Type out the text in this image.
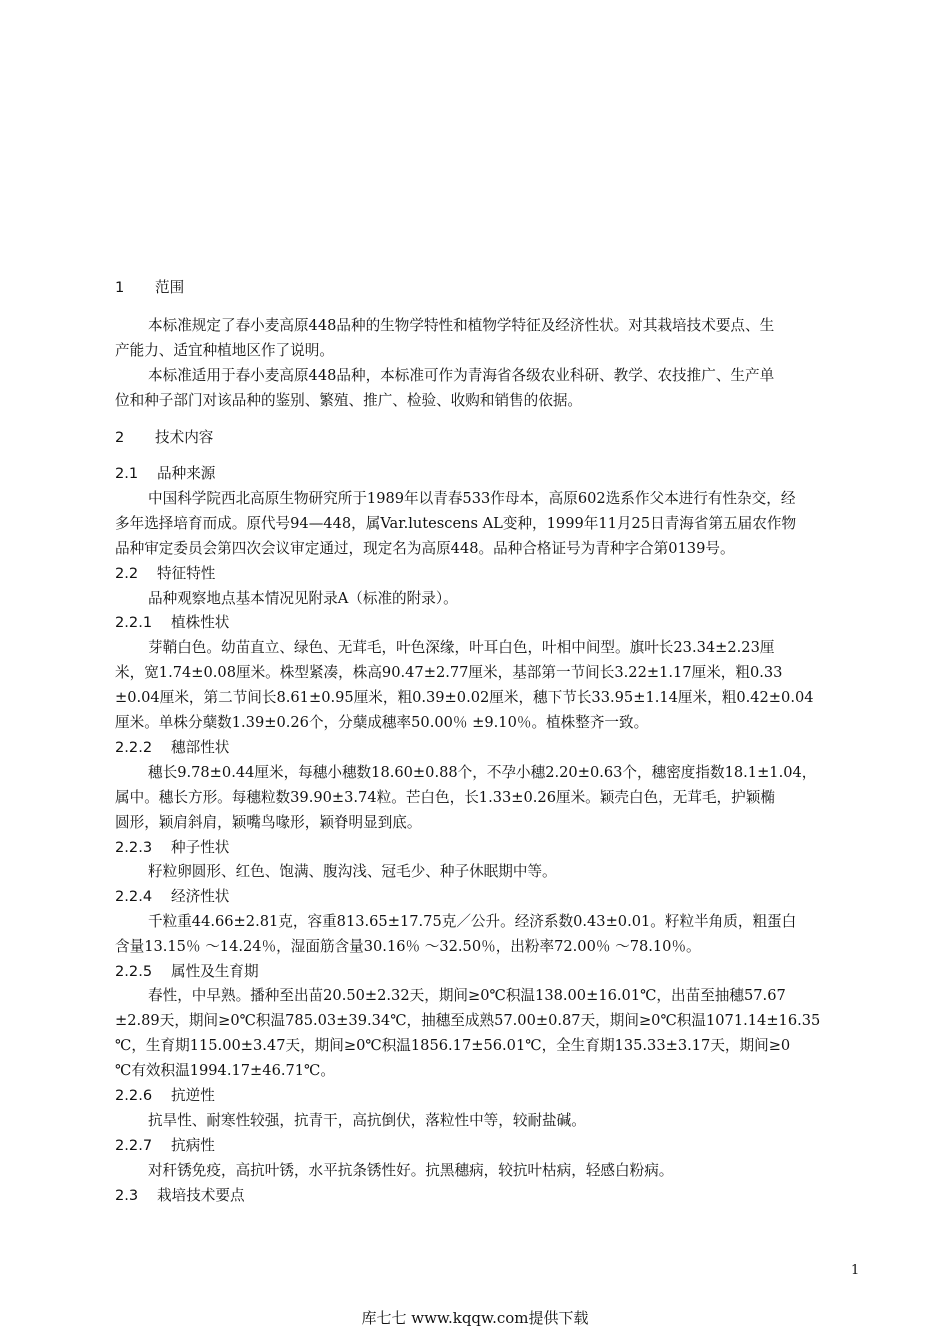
1 范围
本标准规定了春小麦高原448品种的生物学特性和植物学特征及经济性状。对其栽培技术要点、生
产能力、适宜种植地区作了说明。
本标准适用于春小麦高原448品种，本标准可作为青海省各级农业科研、教学、农技推广、生产单
位和种子部门对该品种的鉴别、繁殖、推广、检验、收购和销售的依据。
2 技术内容
2.1 品种来源
中国科学院西北高原生物研究所于1989年以青春533作母本，高原602选系作父本进行有性杂交，经
多年选择培育而成。原代号94—448，属Var.lutescens AL变种，1999年11月25日青海省第五届农作物
品种审定委员会第四次会议审定通过，现定名为高原448。品种合格证号为青种字合第0139号。
2.2 特征特性
品种观察地点基本情况见附录A（标准的附录）。
2.2.1 植株性状
芽鞘白色。幼苗直立、绿色、无茸毛，叶色深缘，叶耳白色，叶相中间型。旗叶长23.34±2.23厘
米，宽1.74±0.08厘米。株型紧凑，株高90.47±2.77厘米，基部第一节间长3.22±1.17厘米，粗0.33
±0.04厘米，第二节间长8.61±0.95厘米，粗0.39±0.02厘米，穗下节长33.95±1.14厘米，粗0.42±0.04
厘米。单株分蘖数1.39±0.26个，分蘖成穗率50.00％ ±9.10％。植株整齐一致。
2.2.2 穗部性状
穗长9.78±0.44厘米，每穗小穗数18.60±0.88个，不孕小穗2.20±0.63个，穗密度指数18.1±1.04，
属中。穗长方形。每穗粒数39.90±3.74粒。芒白色，长1.33±0.26厘米。颖壳白色，无茸毛，护颖椭
圆形，颖肩斜肩，颖嘴鸟喙形，颖脊明显到底。
2.2.3 种子性状
籽粒卵圆形、红色、饱满、腹沟浅、冠毛少、种子休眠期中等。
2.2.4 经济性状
千粒重44.66±2.81克，容重813.65±17.75克／公升。经济系数0.43±0.01。籽粒半角质，粗蛋白
含量13.15％ ～14.24％，湿面筋含量30.16％ ～32.50％，出粉率72.00％ ～78.10％。
2.2.5 属性及生育期
春性，中早熟。播种至出苗20.50±2.32天，期间≥0℃积温138.00±16.01℃，出苗至抽穗57.67
±2.89天，期间≥0℃积温785.03±39.34℃，抽穗至成熟57.00±0.87天，期间≥0℃积温1071.14±16.35
℃，生育期115.00±3.47天，期间≥0℃积温1856.17±56.01℃，全生育期135.33±3.17天，期间≥0
℃有效积温1994.17±46.71℃。
2.2.6 抗逆性
抗旱性、耐寒性较强，抗青干，高抗倒伏，落粒性中等，较耐盐碱。
2.2.7 抗病性
对秆锈免疫，高抗叶锈，水平抗条锈性好。抗黑穗病，较抗叶枯病，轻感白粉病。
2.3 栽培技术要点
1
库七七 www.kqqw.com提供下载
